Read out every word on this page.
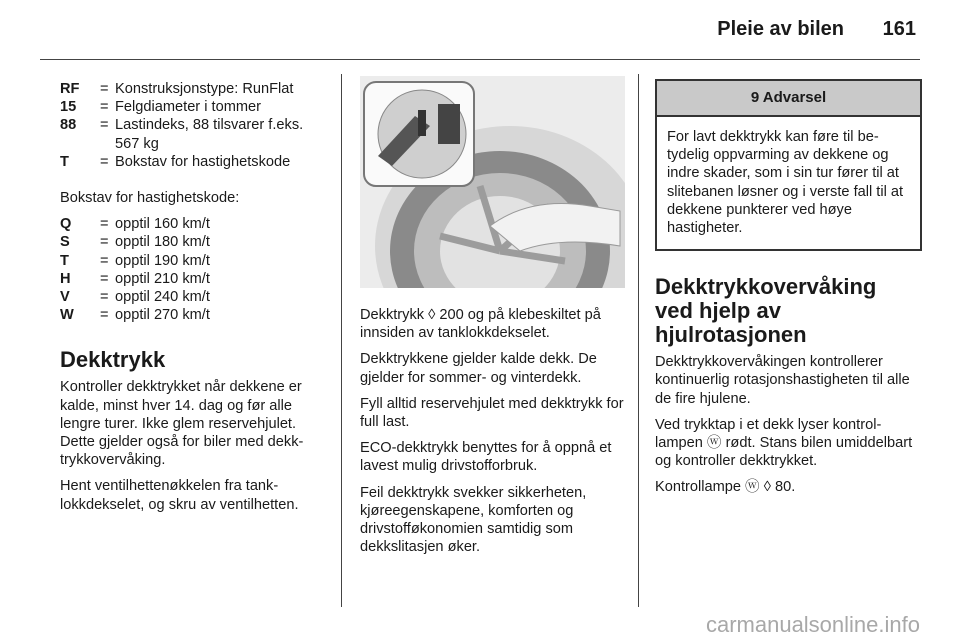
Pleie av bilen 161
RF	= Konstruksjonstype: RunFlat
15	= Felgdiameter i tommer
88	= Lastindeks, 88 tilsvarer f.eks. 567 kg
T	= Bokstav for hastighetskode

Bokstav for hastighetskode:

Q	= opptil 160 km/t
S	= opptil 180 km/t
T	= opptil 190 km/t
H	= opptil 210 km/t
V	= opptil 240 km/t
W	= opptil 270 km/t
Dekktrykk

Kontroller dekktrykket når dekkene er kalde, minst hver 14. dag og før alle lengre turer. Ikke glem reservehjulet. Dette gjelder også for biler med dekktrykkovervåking.

Hent ventilhettenøkkelen fra tanklokkdekselet, og skru av ventilhetten.

Dekktrykk ◊ 200 og på klebeskiltet på innsiden av tanklokkdekselet.

Dekktrykkene gjelder kalde dekk. De gjelder for sommer- og vinterdekk.

Fyll alltid reservehjulet med dekktrykk for full last.

ECO-dekktrykk benyttes for å oppnå et lavest mulig drivstofforbruk.

Feil dekktrykk svekker sikkerheten, kjøreegenskapene, komforten og drivstofføkonomien samtidig som dekkslitasjen øker.

9 Advarsel
For lavt dekktrykk kan føre til betydelig oppvarming av dekkene og indre skader, som i sin tur fører til at slitebanen løsner og i verste fall til at dekkene punkterer ved høye hastigheter.
Dekktrykkovervåking ved hjelp av hjulrotasjonen

Dekktrykkovervåkingen kontrollerer kontinuerlig rotasjonshastigheten til alle de fire hjulene.

Ved trykktap i et dekk lyser kontrollampen ⓦ rødt. Stans bilen umiddelbart og kontroller dekktrykket.

Kontrollampe ⓦ ◊ 80.

carmanualsonline.info
